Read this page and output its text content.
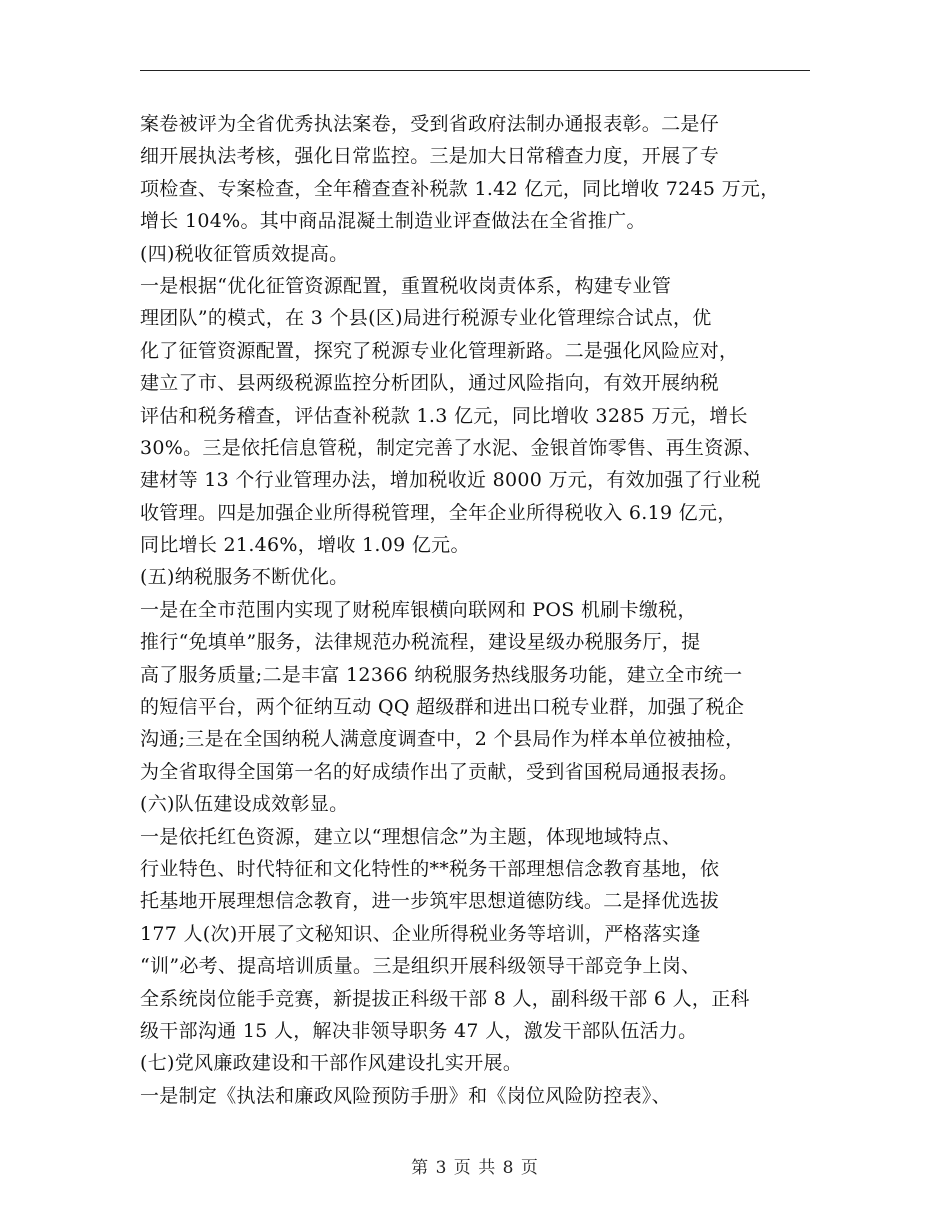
案卷被评为全省优秀执法案卷，受到省政府法制办通报表彰。二是仔
细开展执法考核，强化日常监控。三是加大日常稽查力度，开展了专
项检查、专案检查，全年稽查查补税款 1.42 亿元，同比增收 7245 万元，
增长 104%。其中商品混凝土制造业评查做法在全省推广。
(四)税收征管质效提高。
一是根据“优化征管资源配置，重置税收岗责体系，构建专业管
理团队”的模式，在 3 个县(区)局进行税源专业化管理综合试点，优
化了征管资源配置，探究了税源专业化管理新路。二是强化风险应对，
建立了市、县两级税源监控分析团队，通过风险指向，有效开展纳税
评估和税务稽查，评估查补税款 1.3 亿元，同比增收 3285 万元，增长
30%。三是依托信息管税，制定完善了水泥、金银首饰零售、再生资源、
建材等 13 个行业管理办法，增加税收近 8000 万元，有效加强了行业税
收管理。四是加强企业所得税管理，全年企业所得税收入 6.19 亿元，
同比增长 21.46%，增收 1.09 亿元。
(五)纳税服务不断优化。
一是在全市范围内实现了财税库银横向联网和 POS 机刷卡缴税，
推行“免填单”服务，法律规范办税流程，建设星级办税服务厅，提
高了服务质量;二是丰富 12366 纳税服务热线服务功能，建立全市统一
的短信平台，两个征纳互动 QQ 超级群和进出口税专业群，加强了税企
沟通;三是在全国纳税人满意度调查中，2 个县局作为样本单位被抽检，
为全省取得全国第一名的好成绩作出了贡献，受到省国税局通报表扬。
(六)队伍建设成效彰显。
一是依托红色资源，建立以“理想信念”为主题，体现地域特点、
行业特色、时代特征和文化特性的**税务干部理想信念教育基地，依
托基地开展理想信念教育，进一步筑牢思想道德防线。二是择优选拔
177 人(次)开展了文秘知识、企业所得税业务等培训，严格落实逢
“训”必考、提高培训质量。三是组织开展科级领导干部竞争上岗、
全系统岗位能手竞赛，新提拔正科级干部 8 人，副科级干部 6 人，正科
级干部沟通 15 人，解决非领导职务 47 人，激发干部队伍活力。
(七)党风廉政建设和干部作风建设扎实开展。
一是制定《执法和廉政风险预防手册》和《岗位风险防控表》、
第 3 页 共 8 页
